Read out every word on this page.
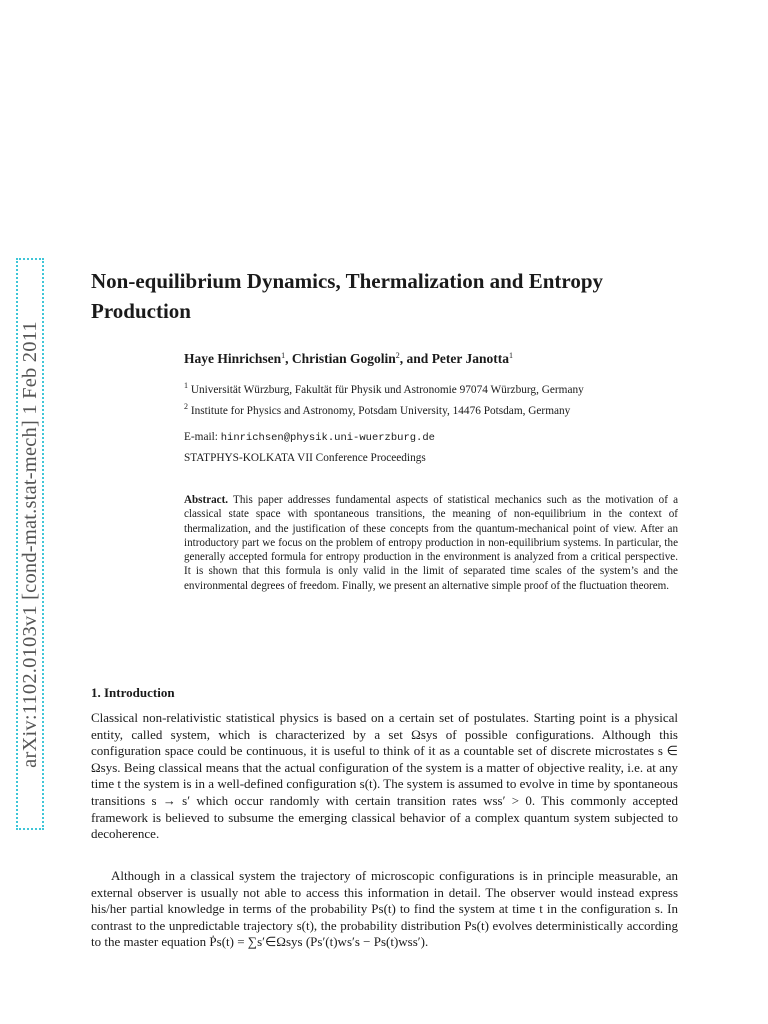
arXiv:1102.0103v1 [cond-mat.stat-mech] 1 Feb 2011
Non-equilibrium Dynamics, Thermalization and Entropy Production
Haye Hinrichsen$^1$, Christian Gogolin$^2$, and Peter Janotta$^1$
$^1$ Universität Würzburg, Fakultät für Physik und Astronomie 97074 Würzburg, Germany
$^2$ Institute for Physics and Astronomy, Potsdam University, 14476 Potsdam, Germany
E-mail: hinrichsen@physik.uni-wuerzburg.de
STATPHYS-KOLKATA VII Conference Proceedings

Abstract. This paper addresses fundamental aspects of statistical mechanics such as the motivation of a classical state space with spontaneous transitions, the meaning of non-equilibrium in the context of thermalization, and the justification of these concepts from the quantum-mechanical point of view. After an introductory part we focus on the problem of entropy production in non-equilibrium systems. In particular, the generally accepted formula for entropy production in the environment is analyzed from a critical perspective. It is shown that this formula is only valid in the limit of separated time scales of the system’s and the environmental degrees of freedom. Finally, we present an alternative simple proof of the fluctuation theorem.

1. Introduction

Classical non-relativistic statistical physics is based on a certain set of postulates. Starting point is a physical entity, called system, which is characterized by a set Ωsys of possible configurations. Although this configuration space could be continuous, it is useful to think of it as a countable set of discrete microstates s ∈ Ωsys. Being classical means that the actual configuration of the system is a matter of objective reality, i.e. at any time t the system is in a well-defined configuration s(t). The system is assumed to evolve in time by spontaneous transitions s → s′ which occur randomly with certain transition rates wss′ > 0. This commonly accepted framework is believed to subsume the emerging classical behavior of a complex quantum system subjected to decoherence.

Although in a classical system the trajectory of microscopic configurations is in principle measurable, an external observer is usually not able to access this information in detail. The observer would instead express his/her partial knowledge in terms of the probability Ps(t) to find the system at time t in the configuration s. In contrast to the unpredictable trajectory s(t), the probability distribution Ps(t) evolves deterministically according to the master equation Ṗs(t) = ∑s′∈Ωsys (Ps′(t)ws′s − Ps(t)wss′).
